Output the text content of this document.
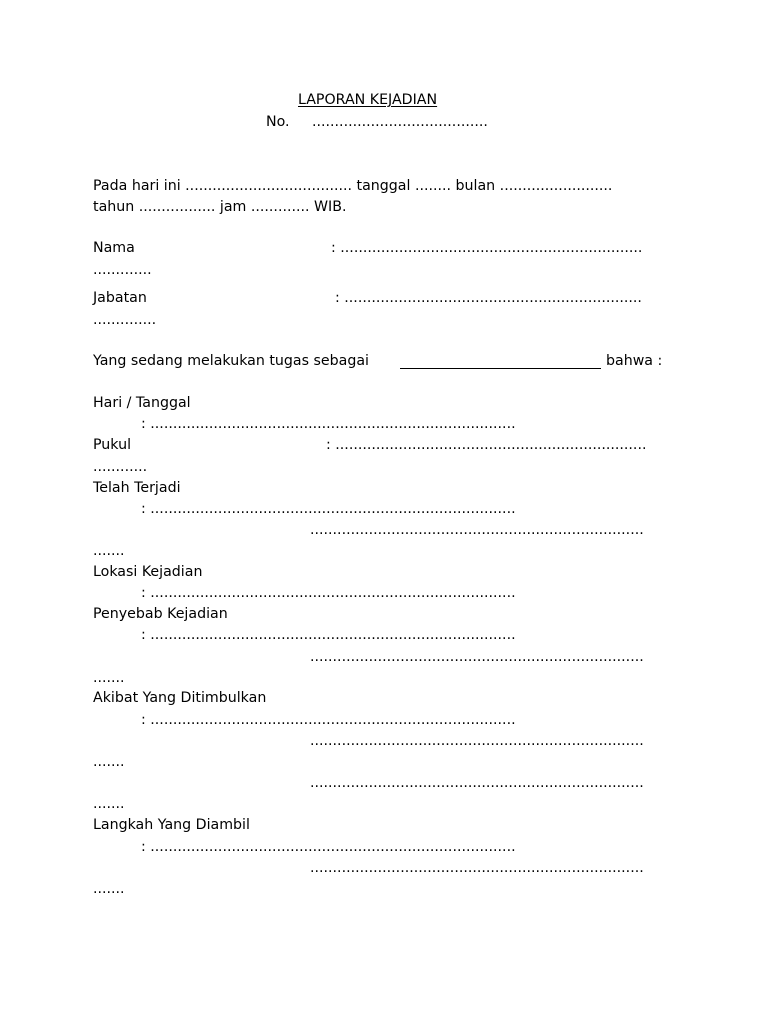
LAPORAN KEJADIAN
No. .......................................
Pada hari ini ..................................... tanggal ........ bulan .........................
tahun ................. jam ............. WIB.
Nama	: ...................................................................
.............
Jabatan	: ..................................................................
..............
Yang sedang melakukan tugas sebagai	bahwa :
Hari / Tanggal
: .................................................................................
Pukul	: .....................................................................
............
Telah Terjadi
: .................................................................................
..........................................................................
.......
Lokasi Kejadian
: .................................................................................
Penyebab Kejadian
: .................................................................................
..........................................................................
.......
Akibat Yang Ditimbulkan
: .................................................................................
..........................................................................
.......
..........................................................................
.......
Langkah Yang Diambil
: .................................................................................
..........................................................................
.......
